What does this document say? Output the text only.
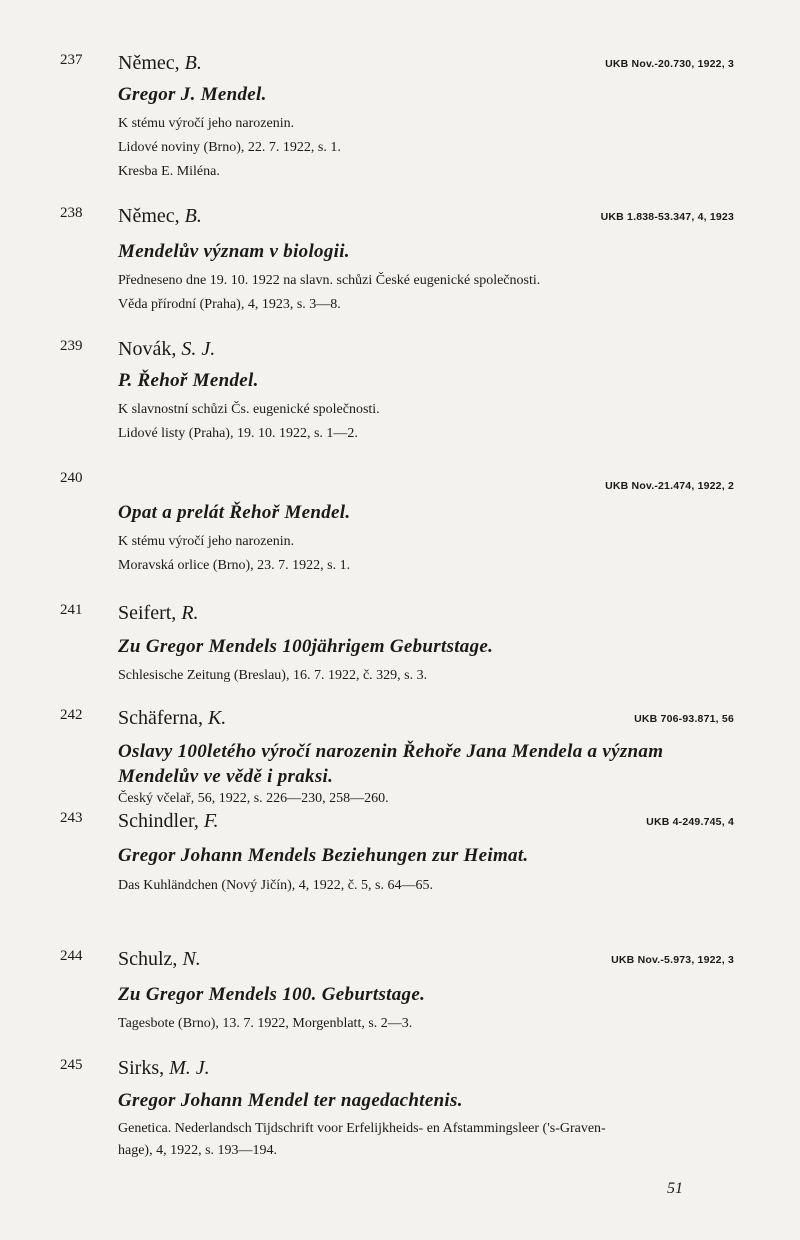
237 Němec, B.	UKB Nov.-20.730, 1922, 3
Gregor J. Mendel.
K stému výročí jeho narozenin.
Lidové noviny (Brno), 22. 7. 1922, s. 1.
Kresba E. Miléna.
238 Němec, B.	UKB 1.838-53.347, 4, 1923
Mendelův význam v biologii.
Předneseno dne 19. 10. 1922 na slavn. schůzi České eugenické společnosti.
Věda přírodní (Praha), 4, 1923, s. 3—8.
239 Novák, S. J.
P. Řehoř Mendel.
K slavnostní schůzi Čs. eugenické společnosti.
Lidové listy (Praha), 19. 10. 1922, s. 1—2.
240	UKB Nov.-21.474, 1922, 2
Opat a prelát Řehoř Mendel.
K stému výročí jeho narozenin.
Moravská orlice (Brno), 23. 7. 1922, s. 1.
241 Seifert, R.
Zu Gregor Mendels 100jährigem Geburtstage.
Schlesische Zeitung (Breslau), 16. 7. 1922, č. 329, s. 3.
242 Schäferna, K.	UKB 706-93.871, 56
Oslavy 100letého výročí narozenin Řehoře Jana Mendela a význam Mendelův ve vědě i praksi.
Český včelař, 56, 1922, s. 226—230, 258—260.
243 Schindler, F.	UKB 4-249.745, 4
Gregor Johann Mendels Beziehungen zur Heimat.
Das Kuhländchen (Nový Jičín), 4, 1922, č. 5, s. 64—65.
244 Schulz, N.	UKB Nov.-5.973, 1922, 3
Zu Gregor Mendels 100. Geburtstage.
Tagesbote (Brno), 13. 7. 1922, Morgenblatt, s. 2—3.
245 Sirks, M. J.
Gregor Johann Mendel ter nagedachtenis.
Genetica. Nederlandsch Tijdschrift voor Erfelijkheids- en Afstammingsleer ('s-Graven-
hage), 4, 1922, s. 193—194.
51
